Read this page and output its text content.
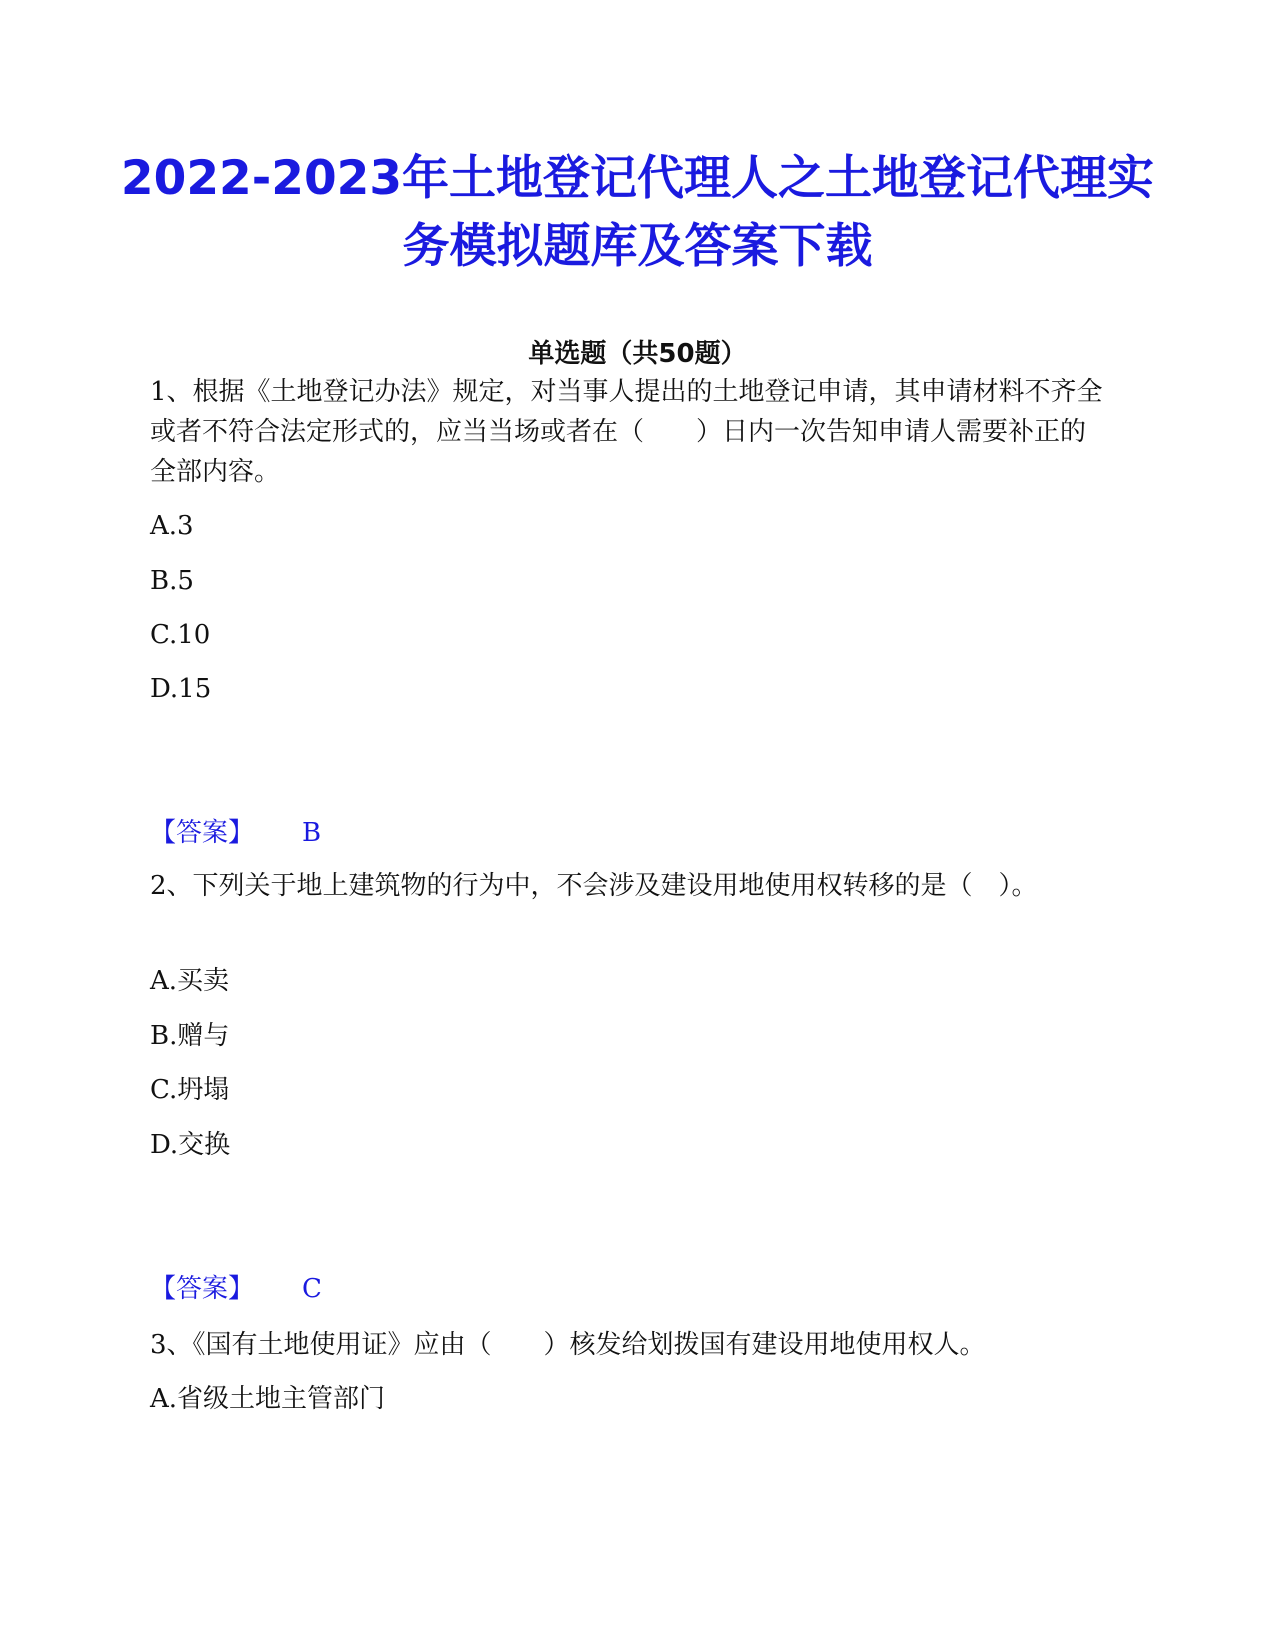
2022-2023年土地登记代理人之土地登记代理实务模拟题库及答案下载
单选题（共50题）

1、根据《土地登记办法》规定，对当事人提出的土地登记申请，其申请材料不齐全或者不符合法定形式的，应当当场或者在（　　）日内一次告知申请人需要补正的全部内容。

A.3

B.5

C.10

D.15

【答案】 B

2、下列关于地上建筑物的行为中，不会涉及建设用地使用权转移的是（　）。

A.买卖

B.赠与

C.坍塌

D.交换

【答案】 C

3、《国有土地使用证》应由（　　）核发给划拨国有建设用地使用权人。

A.省级土地主管部门
